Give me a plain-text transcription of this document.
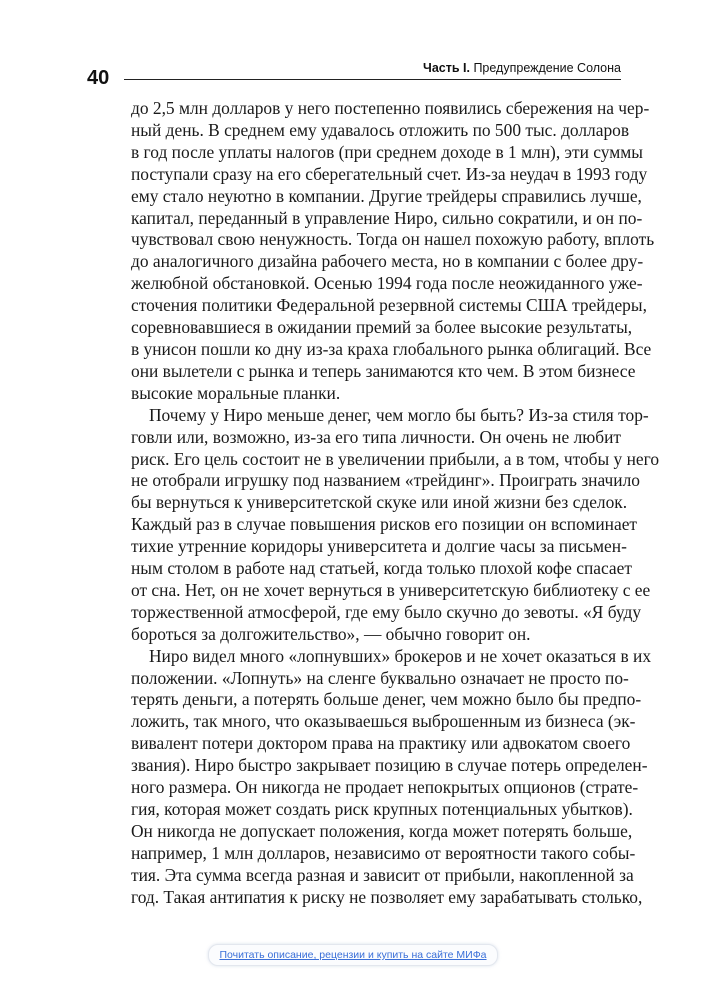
40	Часть I. Предупреждение Солона
до 2,5 млн долларов у него постепенно появились сбережения на чер-
ный день. В среднем ему удавалось отложить по 500 тыс. долларов
в год после уплаты налогов (при среднем доходе в 1 млн), эти суммы
поступали сразу на его сберегательный счет. Из-за неудач в 1993 году
ему стало неуютно в компании. Другие трейдеры справились лучше,
капитал, переданный в управление Ниро, сильно сократили, и он по-
чувствовал свою ненужность. Тогда он нашел похожую работу, вплоть
до аналогичного дизайна рабочего места, но в компании с более дру-
желюбной обстановкой. Осенью 1994 года после неожиданного уже-
сточения политики Федеральной резервной системы США трейдеры,
соревновавшиеся в ожидании премий за более высокие результаты,
в унисон пошли ко дну из-за краха глобального рынка облигаций. Все
они вылетели с рынка и теперь занимаются кто чем. В этом бизнесе
высокие моральные планки.
Почему у Ниро меньше денег, чем могло бы быть? Из-за стиля тор-
говли или, возможно, из-за его типа личности. Он очень не любит
риск. Его цель состоит не в увеличении прибыли, а в том, чтобы у него
не отобрали игрушку под названием «трейдинг». Проиграть значило
бы вернуться к университетской скуке или иной жизни без сделок.
Каждый раз в случае повышения рисков его позиции он вспоминает
тихие утренние коридоры университета и долгие часы за письмен-
ным столом в работе над статьей, когда только плохой кофе спасает
от сна. Нет, он не хочет вернуться в университетскую библиотеку с ее
торжественной атмосферой, где ему было скучно до зевоты. «Я буду
бороться за долгожительство», — обычно говорит он.
Ниро видел много «лопнувших» брокеров и не хочет оказаться в их
положении. «Лопнуть» на сленге буквально означает не просто по-
терять деньги, а потерять больше денег, чем можно было бы предпо-
ложить, так много, что оказываешься выброшенным из бизнеса (эк-
вивалент потери доктором права на практику или адвокатом своего
звания). Ниро быстро закрывает позицию в случае потерь определен-
ного размера. Он никогда не продает непокрытых опционов (страте-
гия, которая может создать риск крупных потенциальных убытков).
Он никогда не допускает положения, когда может потерять больше,
например, 1 млн долларов, независимо от вероятности такого собы-
тия. Эта сумма всегда разная и зависит от прибыли, накопленной за
год. Такая антипатия к риску не позволяет ему зарабатывать столько,
Почитать описание, рецензии и купить на сайте МИФа
